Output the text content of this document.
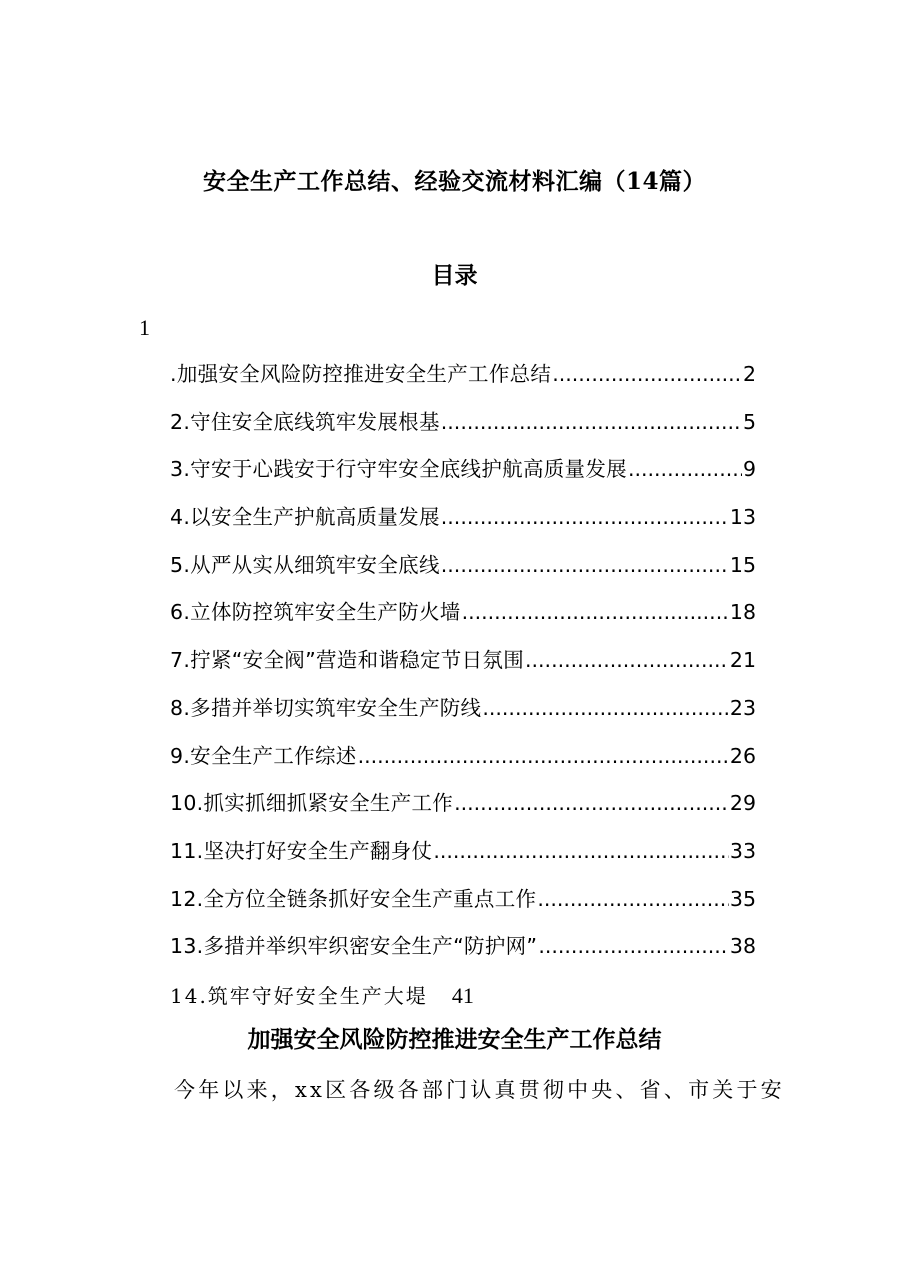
安全生产工作总结、经验交流材料汇编（14篇）
目录
1
.加强安全风险防控推进安全生产工作总结 .....	2
2.守住安全底线筑牢发展根基 .....	5
3.守安于心践安于行守牢安全底线护航高质量发展 .....	9
4.以安全生产护航高质量发展 .....	13
5.从严从实从细筑牢安全底线 .....	15
6.立体防控筑牢安全生产防火墙 .....	18
7.拧紧“安全阀”营造和谐稳定节日氛围 .....	21
8.多措并举切实筑牢安全生产防线 .....	23
9.安全生产工作综述 .....	26
10.抓实抓细抓紧安全生产工作 .....	29
11.坚决打好安全生产翻身仗 .....	33
12.全方位全链条抓好安全生产重点工作 .....	35
13.多措并举织牢织密安全生产“防护网” .....	38
14.筑牢守好安全生产大堤 41
加强安全风险防控推进安全生产工作总结
今年以来，xx区各级各部门认真贯彻中央、省、市关于安
